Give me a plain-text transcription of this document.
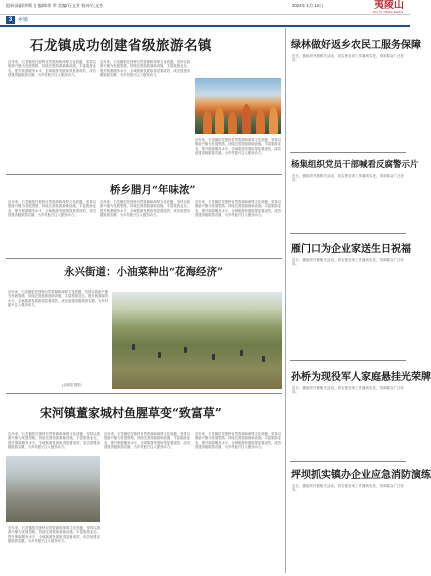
组织部副/李斯飞 编辑/余 翠 美编/石文芳 校对/石文芳	2024年 1月 12日	夷陵山
JIN XI JINGS EHAN
3	乡镇
石龙镇成功创建省级旅游名镇
近年来，石龙镇依托独特自然资源和深厚文化底蕴，坚持以旅游兴镇为发展思路，持续完善旅游基础设施，丰富旅游业态，提升旅游服务水平，全域旅游发展取得显著成效，成功创建省级旅游名镇，为乡村振兴注入强劲动力。
近年来，石龙镇依托独特自然资源和深厚文化底蕴，坚持以旅游兴镇为发展思路，持续完善旅游基础设施，丰富旅游业态，提升旅游服务水平，全域旅游发展取得显著成效，成功创建省级旅游名镇，为乡村振兴注入强劲动力。
近年来，石龙镇依托独特自然资源和深厚文化底蕴，坚持以旅游兴镇为发展思路，持续完善旅游基础设施，丰富旅游业态，提升旅游服务水平，全域旅游发展取得显著成效，成功创建省级旅游名镇，为乡村振兴注入强劲动力。
桥乡腊月“年味浓”
近年来，石龙镇依托独特自然资源和深厚文化底蕴，坚持以旅游兴镇为发展思路，持续完善旅游基础设施，丰富旅游业态，提升旅游服务水平，全域旅游发展取得显著成效，成功创建省级旅游名镇，为乡村振兴注入强劲动力。
近年来，石龙镇依托独特自然资源和深厚文化底蕴，坚持以旅游兴镇为发展思路，持续完善旅游基础设施，丰富旅游业态，提升旅游服务水平，全域旅游发展取得显著成效，成功创建省级旅游名镇，为乡村振兴注入强劲动力。
近年来，石龙镇依托独特自然资源和深厚文化底蕴，坚持以旅游兴镇为发展思路，持续完善旅游基础设施，丰富旅游业态，提升旅游服务水平，全域旅游发展取得显著成效，成功创建省级旅游名镇，为乡村振兴注入强劲动力。
永兴街道：小油菜种出“花海经济”
近年来，石龙镇依托独特自然资源和深厚文化底蕴，坚持以旅游兴镇为发展思路，持续完善旅游基础设施，丰富旅游业态，提升旅游服务水平，全域旅游发展取得显著成效，成功创建省级旅游名镇，为乡村振兴注入强劲动力。
(金朝阳 摄影)
宋河镇董家城村鱼腥草变“致富草”
近年来，石龙镇依托独特自然资源和深厚文化底蕴，坚持以旅游兴镇为发展思路，持续完善旅游基础设施，丰富旅游业态，提升旅游服务水平，全域旅游发展取得显著成效，成功创建省级旅游名镇，为乡村振兴注入强劲动力。
近年来，石龙镇依托独特自然资源和深厚文化底蕴，坚持以旅游兴镇为发展思路，持续完善旅游基础设施，丰富旅游业态，提升旅游服务水平，全域旅游发展取得显著成效，成功创建省级旅游名镇，为乡村振兴注入强劲动力。
近年来，石龙镇依托独特自然资源和深厚文化底蕴，坚持以旅游兴镇为发展思路，持续完善旅游基础设施，丰富旅游业态，提升旅游服务水平，全域旅游发展取得显著成效，成功创建省级旅游名镇，为乡村振兴注入强劲动力。
近年来，石龙镇依托独特自然资源和深厚文化底蕴，坚持以旅游兴镇为发展思路，持续完善旅游基础设施，丰富旅游业态，提升旅游服务水平，全域旅游发展取得显著成效，成功创建省级旅游名镇，为乡村振兴注入强劲动力。
绿林做好返乡农民工服务保障
近日，镇组织开展相关活动，切实把各项工作落到实处，得到群众广泛好评。
杨集组织党员干部喊看反腐警示片
近日，镇组织开展相关活动，切实把各项工作落到实处，得到群众广泛好评。
雁门口为企业家送生日祝福
近日，镇组织开展相关活动，切实把各项工作落到实处，得到群众广泛好评。
孙桥为现役军人家庭悬挂光荣牌
近日，镇组织开展相关活动，切实把各项工作落到实处，得到群众广泛好评。
坪坝抓实镇办企业应急消防演练
近日，镇组织开展相关活动，切实把各项工作落到实处，得到群众广泛好评。
